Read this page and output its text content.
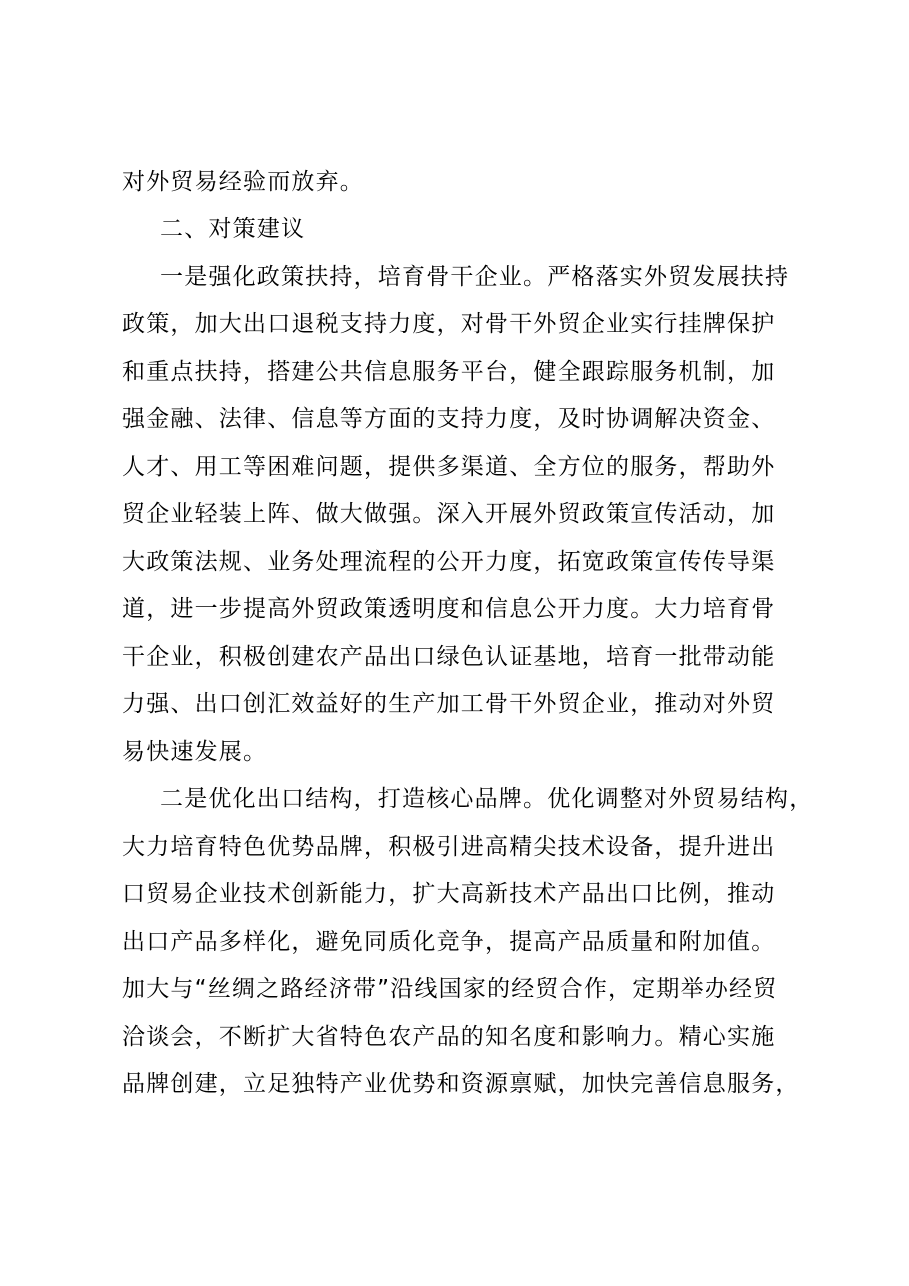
对外贸易经验而放弃。
二、对策建议
一是强化政策扶持，培育骨干企业。严格落实外贸发展扶持
政策，加大出口退税支持力度，对骨干外贸企业实行挂牌保护
和重点扶持，搭建公共信息服务平台，健全跟踪服务机制，加
强金融、法律、信息等方面的支持力度，及时协调解决资金、
人才、用工等困难问题，提供多渠道、全方位的服务，帮助外
贸企业轻装上阵、做大做强。深入开展外贸政策宣传活动，加
大政策法规、业务处理流程的公开力度，拓宽政策宣传传导渠
道，进一步提高外贸政策透明度和信息公开力度。大力培育骨
干企业，积极创建农产品出口绿色认证基地，培育一批带动能
力强、出口创汇效益好的生产加工骨干外贸企业，推动对外贸
易快速发展。
二是优化出口结构，打造核心品牌。优化调整对外贸易结构，
大力培育特色优势品牌，积极引进高精尖技术设备，提升进出
口贸易企业技术创新能力，扩大高新技术产品出口比例，推动
出口产品多样化，避免同质化竞争，提高产品质量和附加值。
加大与“丝绸之路经济带”沿线国家的经贸合作，定期举办经贸
洽谈会，不断扩大省特色农产品的知名度和影响力。精心实施
品牌创建，立足独特产业优势和资源禀赋，加快完善信息服务，
